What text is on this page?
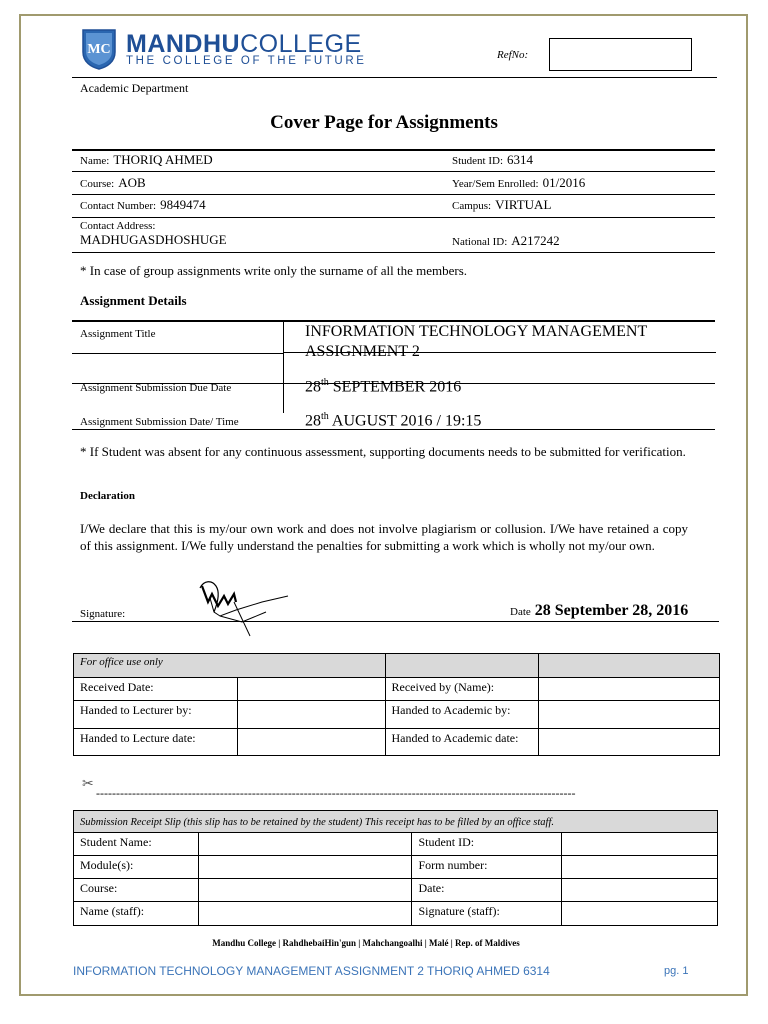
MC MANDHUCOLLEGE
THE COLLEGE OF THE FUTURE	RefNo:
Academic Department
Cover Page for Assignments
Name: THORIQ AHMED	Student ID: 6314
Course: AOB	Year/Sem Enrolled: 01/2016
Contact Number: 9849474	Campus: VIRTUAL
Contact Address:
MADHUGASDHOSHUGE	National ID: A217242
* In case of group assignments write only the surname of all the members.
Assignment Details
Assignment Title	INFORMATION TECHNOLOGY MANAGEMENT
ASSIGNMENT 2
Assignment Submission Due Date	28th SEPTEMBER 2016
Assignment Submission Date/ Time	28th AUGUST 2016 / 19:15
* If Student was absent for any continuous assessment, supporting documents needs to be submitted for verification.
Declaration
I/We declare that this is my/our own work and does not involve plagiarism or collusion. I/We have retained a copy of this assignment. I/We fully understand the penalties for submitting a work which is wholly not my/our own.
Signature:	Date 28 September 28, 2016
For office use only			
Received Date:		Received by (Name):	
Handed to Lecturer by:		Handed to Academic by:	
Handed to Lecture date:		Handed to Academic date:	
✂
------------------------------------------------------------------------------------------------------------------------
Submission Receipt Slip (this slip has to be retained by the student) This receipt has to be filled by an office staff.			
Student Name:		Student ID:	
Module(s):		Form number:	
Course:		Date:	
Name (staff):		Signature (staff):	
Mandhu College | RahdhebaiHin'gun | Mahchangoalhi | Malé | Rep. of Maldives
INFORMATION TECHNOLOGY MANAGEMENT ASSIGNMENT 2 THORIQ AHMED 6314	pg. 1
